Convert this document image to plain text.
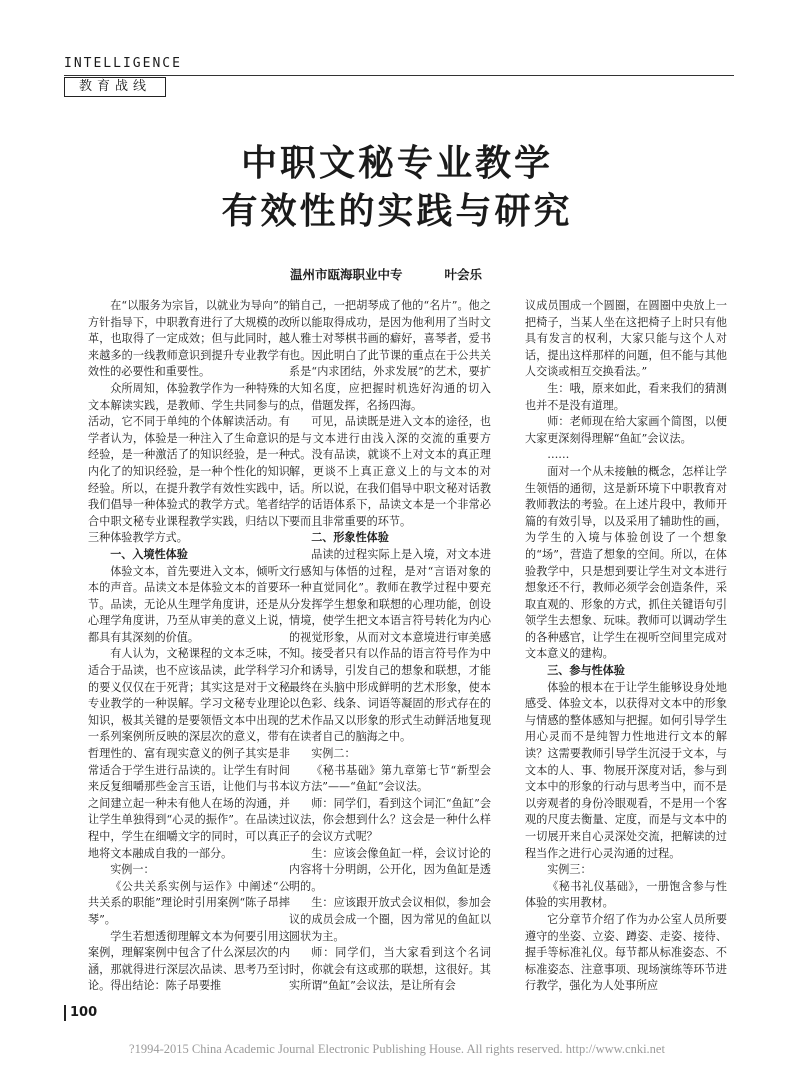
INTELLIGENCE
教育战线
中职文秘专业教学
有效性的实践与研究
温州市瓯海职业中专	叶会乐

在“以服务为宗旨，以就业为导向”的方针指导下，中职教育进行了大规模的改革，也取得了一定成效；但与此同时，越来越多的一线教师意识到提升专业教学有效性的必要性和重要性。

众所周知，体验教学作为一种特殊的文本解读实践，是教师、学生共同参与的活动，它不同于单纯的个体解读活动。有学者认为，体验是一种注入了生命意识的经验，是一种激活了的知识经验，是一种内化了的知识经验，是一种个性化的知识经验。所以，在提升教学有效性实践中，我们倡导一种体验式的教学方式。笔者结合中职文秘专业课程教学实践，归结以下三种体验教学方式。

一、入境性体验

体验文本，首先要进入文本，倾听文本的声音。品读文本是体验文本的首要环节。品读，无论从生理学角度讲，还是从心理学角度讲，乃至从审美的意义上说，都具有其深刻的价值。

有人认为，文秘课程的文本乏味，不适合于品读，也不应该品读，此学科学习的要义仅仅在于死背；其实这是对于文秘专业教学的一种误解。学习文秘专业理论知识，极其关键的是要领悟文本中出现的一系列案例所反映的深层次的意义，带有哲理性的、富有现实意义的例子其实是非常适合于学生进行品读的。让学生有时间来反复细嚼那些金言玉语，让他们与书本之间建立起一种未有他人在场的沟通，并让学生单独得到“心灵的振作”。在品读过程中，学生在细嚼文字的同时，可以真正地将文本融成自我的一部分。

实例一：

《公共关系实例与运作》中阐述“公共关系的职能”理论时引用案例“陈子昂摔琴”。

学生若想透彻理解文本为何要引用这案例，理解案例中包含了什么深层次的内涵，那就得进行深层次品读、思考乃至讨论。得出结论：陈子昂要推

销自己，一把胡琴成了他的“名片”。他之所以能取得成功，是因为他利用了当时文人雅士对琴棋书画的癖好，喜琴者，爱书也。因此明白了此节课的重点在于公共关系是“内求团结，外求发展”的艺术，要扩大知名度，应把握时机选好沟通的切入点，借题发挥，名扬四海。

可见，品读既是进入文本的途径，也是与文本进行由浅入深的交流的重要方式。没有品读，就谈不上对文本的真正理解，更谈不上真正意义上的与文本的对话。所以说，在我们倡导中职文秘对话教学的话语体系下，品读文本是一个非常必要而且非常重要的环节。

二、形象性体验

品读的过程实际上是入境，对文本进行感知与体悟的过程，是对“言语对象的一种直觉同化”。教师在教学过程中要充分发挥学生想象和联想的心理功能，创设情境，使学生把文本语言符号转化为内心的视觉形象，从而对文本意境进行审美感知。接受者只有以作品的语言符号作为中介和诱导，引发自己的想象和联想，才能最终在头脑中形成鲜明的艺术形象，使本以色彩、线条、词语等凝固的形式存在的艺术作品又以形象的形式生动鲜活地复现在读者自己的脑海之中。

实例二：

《秘书基础》第九章第七节“新型会议方法”——“鱼缸”会议法。

师：同学们，看到这个词汇“鱼缸”会议法，你会想到什么？这会是一种什么样子的会议方式呢？

生：应该会像鱼缸一样，会议讨论的内容将十分明朗，公开化，因为鱼缸是透明的。

生：应该跟开放式会议相似，参加会议的成员会成一个圈，因为常见的鱼缸以圆状为主。

师：同学们，当大家看到这个名词时，你就会有这或那的联想，这很好。其实所谓“鱼缸”会议法，是让所有会

议成员围成一个圆圈，在圆圈中央放上一把椅子，当某人坐在这把椅子上时只有他具有发言的权利，大家只能与这个人对话，提出这样那样的问题，但不能与其他人交谈或相互交换看法。”

生：哦，原来如此，看来我们的猜测也并不是没有道理。

师：老师现在给大家画个简图，以便大家更深刻得理解“鱼缸”会议法。

……

面对一个从未接触的概念，怎样让学生领悟的通彻，这是新环境下中职教育对教师教法的考验。在上述片段中，教师开篇的有效引导，以及采用了辅助性的画，为学生的入境与体验创设了一个想象的“场”，营造了想象的空间。所以，在体验教学中，只是想到要让学生对文本进行想象还不行，教师必须学会创造条件，采取直观的、形象的方式，抓住关键语句引领学生去想象、玩味。教师可以调动学生的各种感官，让学生在视听空间里完成对文本意义的建构。

三、参与性体验

体验的根本在于让学生能够设身处地感受、体验文本，以获得对文本中的形象与情感的整体感知与把握。如何引导学生用心灵而不是纯智力性地进行文本的解读？这需要教师引导学生沉浸于文本，与文本的人、事、物展开深度对话，参与到文本中的形象的行动与思考当中，而不是以旁观者的身份冷眼观看，不是用一个客观的尺度去衡量、定度，而是与文本中的一切展开来自心灵深处交流，把解读的过程当作之进行心灵沟通的过程。

实例三：

《秘书礼仪基础》，一册饱含参与性体验的实用教材。

它分章节介绍了作为办公室人员所要遵守的坐姿、立姿、蹲姿、走姿、接待、握手等标准礼仪。每节都从标准姿态、不标准姿态、注意事项、现场演练等环节进行教学，强化为人处事所应

100
?1994-2015 China Academic Journal Electronic Publishing House. All rights reserved. http://www.cnki.net
